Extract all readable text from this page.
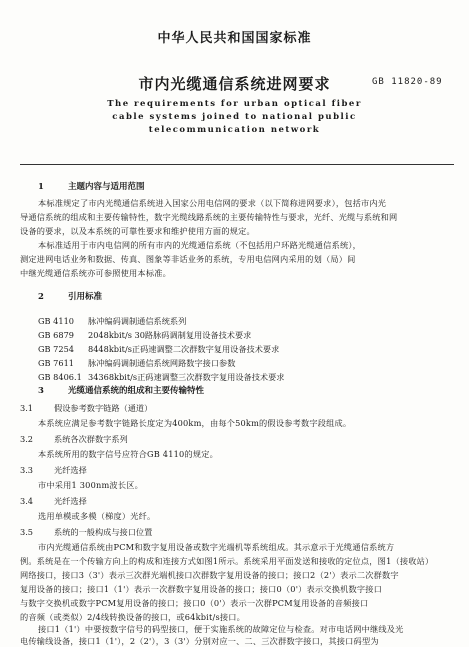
中华人民共和国国家标准
市内光缆通信系统进网要求	GB 11820-89
The requirements for urban optical fiber
cable systems joined to national public
telecommunication network
1	主题内容与适用范围
本标准规定了市内光缆通信系统进入国家公用电信网的要求（以下简称进网要求），包括市内光
导通信系统的组成和主要传输特性，数字光缆线路系统的主要传输特性与要求，光纤、光缆与系统和网
设备的要求，以及本系统的可靠性要求和维护使用方面的规定。
本标准适用于市内电信网的所有市内的光缆通信系统（不包括用户环路光缆通信系统），
测定进网电话业务和数据、传真、图象等非话业务的系统，专用电信网内采用的划（局）间
中继光缆通信系统亦可参照使用本标准。
2	引用标准
GB 4110 脉冲编码调制通信系统系列
GB 6879 2048kbit/s 30路脉码调制复用设备技术要求
GB 7254 8448kbit/s正码速调整二次群数字复用设备技术要求
GB 7611 脉冲编码调制通信系统网路数字接口参数
GB 8406.1 34368kbit/s正码速调整三次群数字复用设备技术要求
3	光缆通信系统的组成和主要传输特性
3.1	假设参考数字链路（通道）
本系统应满足参考数字链路长度定为400km，由每个50km的假设参考数字段组成。
3.2	系统各次群数字系列
本系统所用的数字信号应符合GB 4110的规定。
3.3	光纤选择
市中采用1 300nm波长区。
3.4	光纤选择
选用单模或多模（梯度）光纤。
3.5	系统的一般构成与接口位置
市内光缆通信系统由PCM和数字复用设备或数字光端机等系统组成。其示意示于光缆通信系统方
例。系统是在一个传输方向上的构成和连接方式如图1所示。系统采用平面发送和接收的定位点，图1（接收站）
网络接口，接口3（3'）表示三次群光端机接口次群数字复用设备的接口；接口2（2'）表示二次群数字
复用设备的接口；接口1（1'）表示一次群数字复用设备的接口；接口0（0'）表示交换机数字接口
与数字交换机或数字PCM复用设备的接口；接口0（0'）表示一次群PCM复用设备的音频接口
的音频（或类似）2/4线转换设备的接口，或64kbit/s接口。
接口1（1'）中要按数字信号的码型接口，便于实施系统的故障定位与检查。对市电话网中继线及光
电传输线设备，接口1（1'），2（2'），3（3'）分别对应一、二、三次群数字接口，其接口码型为
